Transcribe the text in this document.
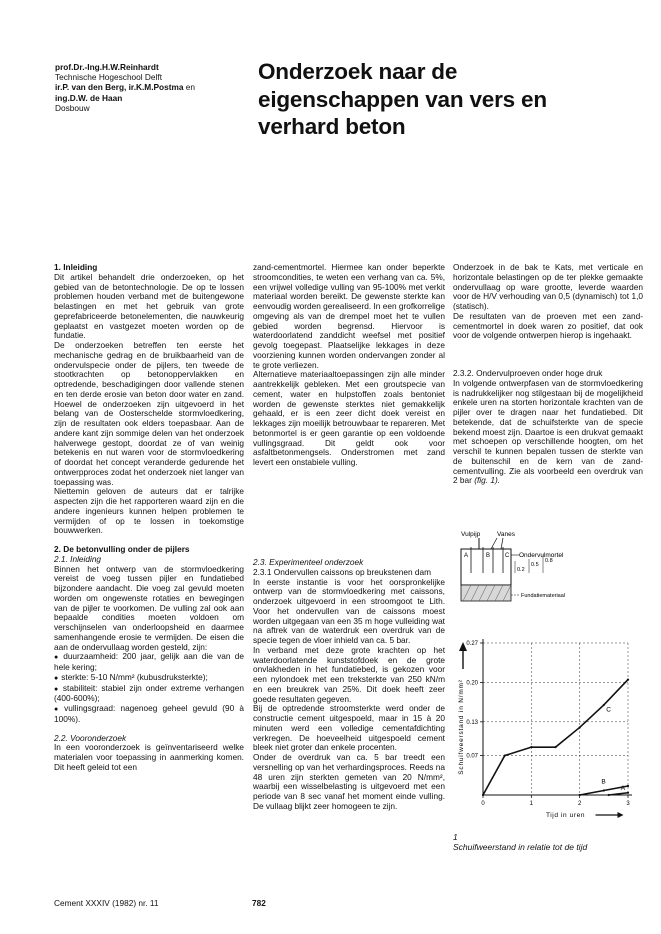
prof.Dr.-Ing.H.W.Reinhardt
Technische Hogeschool Delft
ir.P. van den Berg, ir.K.M.Postma en
ing.D.W. de Haan
Dosbouw
Onderzoek naar de
eigenschappen van vers en
verhard beton

1. Inleiding

Dit artikel behandelt drie onderzoeken, op het gebied van de betontechnologie. De op te lossen problemen houden verband met de buitengewone belastingen en met het gebruik van grote geprefabriceerde betonelementen, die nauwkeurig geplaatst en vastgezet moeten worden op de fundatie.

De onderzoeken betreffen ten eerste het mechanische gedrag en de bruikbaarheid van de ondervulspecie onder de pijlers, ten tweede de stootkrachten op betonoppervlakken en optredende, beschadigingen door vallende stenen en ten derde erosie van beton door water en zand. Hoewel de onderzoeken zijn uitgevoerd in het belang van de Oosterschelde stormvloedkering, zijn de resultaten ook elders toepasbaar. Aan de andere kant zijn sommige delen van het onderzoek halverwege gestopt, doordat ze of van weinig betekenis en nut waren voor de stormvloedkering of doordat het concept veranderde gedurende het ontwerpproces zodat het onderzoek niet langer van toepassing was.

Niettemin geloven de auteurs dat er talrijke aspecten zijn die het rapporteren waard zijn en die andere ingenieurs kunnen helpen problemen te vermijden of op te lossen in toekomstige bouwwerken.

2. De betonvulling onder de pijlers

2.1. Inleiding

Binnen het ontwerp van de stormvloedkering vereist de voeg tussen pijler en fundatiebed bijzondere aandacht. Die voeg zal gevuld moeten worden om ongewenste rotaties en bewegingen van de pijler te voorkomen. De vulling zal ook aan bepaalde condities moeten voldoen om verschijnselen van onderloopsheid en daarmee samenhangende erosie te vermijden. De eisen die aan de ondervullaag worden gesteld, zijn:

● duurzaamheid: 200 jaar, gelijk aan die van de hele kering;

● sterkte: 5-10 N/mm² (kubusdruksterkte);

● stabiliteit: stabiel zijn onder extreme verhangen (400-600%);

● vullingsgraad: nagenoeg geheel gevuld (90 à 100%).

2.2. Vooronderzoek

In een vooronderzoek is geïnventariseerd welke materialen voor toepassing in aanmerking komen. Dit heeft geleid tot een

zand-cementmortel. Hiermee kan onder beperkte stroomcondities, te weten een verhang van ca. 5%, een vrijwel volledige vulling van 95-100% met verkit materiaal worden bereikt. De gewenste sterkte kan eenvoudig worden gerealiseerd. In een grofkorrelige omgeving als van de drempel moet het te vullen gebied worden begrensd. Hiervoor is waterdoorlatend zanddicht weefsel met positief gevolg toegepast. Plaatselijke lekkages in deze voorziening kunnen worden ondervangen zonder al te grote verliezen.

Alternatieve materiaaltoepassingen zijn alle minder aantrekkelijk gebleken. Met een groutspecie van cement, water en hulpstoffen zoals bentoniet worden de gewenste sterktes niet gemakkelijk gehaald, er is een zeer dicht doek vereist en lekkages zijn moeilijk betrouwbaar te repareren. Met betonmortel is er geen garantie op een voldoende vullingsgraad. Dit geldt ook voor asfaltbetonmengsels. Onderstromen met zand levert een onstabiele vulling.

2.3. Experimenteel onderzoek

2.3.1 Ondervullen caissons op breukstenen dam

In eerste instantie is voor het oorspronkelijke ontwerp van de stormvloedkering met caissons, onderzoek uitgevoerd in een stroomgoot te Lith. Voor het ondervullen van de caissons moest worden uitgegaan van een 35 m hoge vulleiding wat na aftrek van de waterdruk een overdruk van de specie tegen de vloer inhield van ca. 5 bar.

In verband met deze grote krachten op het waterdoorlatende kunststofdoek en de grote onvlakheden in het fundatiebed, is gekozen voor een nylondoek met een treksterkte van 250 kN/m en een breukrek van 25%. Dit doek heeft zeer goede resultaten gegeven.

Bij de optredende stroomsterkte werd onder de constructie cement uitgespoeld, maar in 15 à 20 minuten werd een volledige cementafdichting verkregen. De hoeveelheid uitgespoeld cement bleek niet groter dan enkele procenten.

Onder de overdruk van ca. 5 bar treedt een versnelling op van het verhardingsproces. Reeds na 48 uren zijn sterkten gemeten van 20 N/mm², waarbij een wisselbelasting is uitgevoerd met een periode van 8 sec vanaf het moment einde vulling. De vullaag blijkt zeer homogeen te zijn.

Onderzoek in de bak te Kats, met verticale en horizontale belastingen op de ter plekke gemaakte ondervullaag op ware grootte, leverde waarden voor de H/V verhouding van 0,5 (dynamisch) tot 1,0 (statisch).

De resultaten van de proeven met een zand-cementmortel in doek waren zo positief, dat ook voor de volgende ontwerpen hierop is ingehaakt.

2.3.2. Ondervulproeven onder hoge druk

In volgende ontwerpfasen van de stormvloedkering is nadrukkelijker nog stilgestaan bij de mogelijkheid enkele uren na storten horizontale krachten van de pijler over te dragen naar het fundatiebed. Dit betekende, dat de schuifsterkte van de specie bekend moest zijn. Daartoe is een drukvat gemaakt met schoepen op verschillende hoogten, om het verschil te kunnen bepalen tussen de sterkte van de buitenschil en de kern van de zand-cementvulling. Zie als voorbeeld een overdruk van 2 bar (fig. 1).

Vulpijp	Vanes
A	B C Ondervulmortel
0.2
0.5
0.8
Fundatiemateriaal
0.07
0.13
0.20
0.27
0	1	2	3
C
B
A
Schuifweerstand in N/mm²
Tijd in uren
1
Schuifweerstand in relatie tot de tijd
Cement XXXIV (1982) nr. 11	782
